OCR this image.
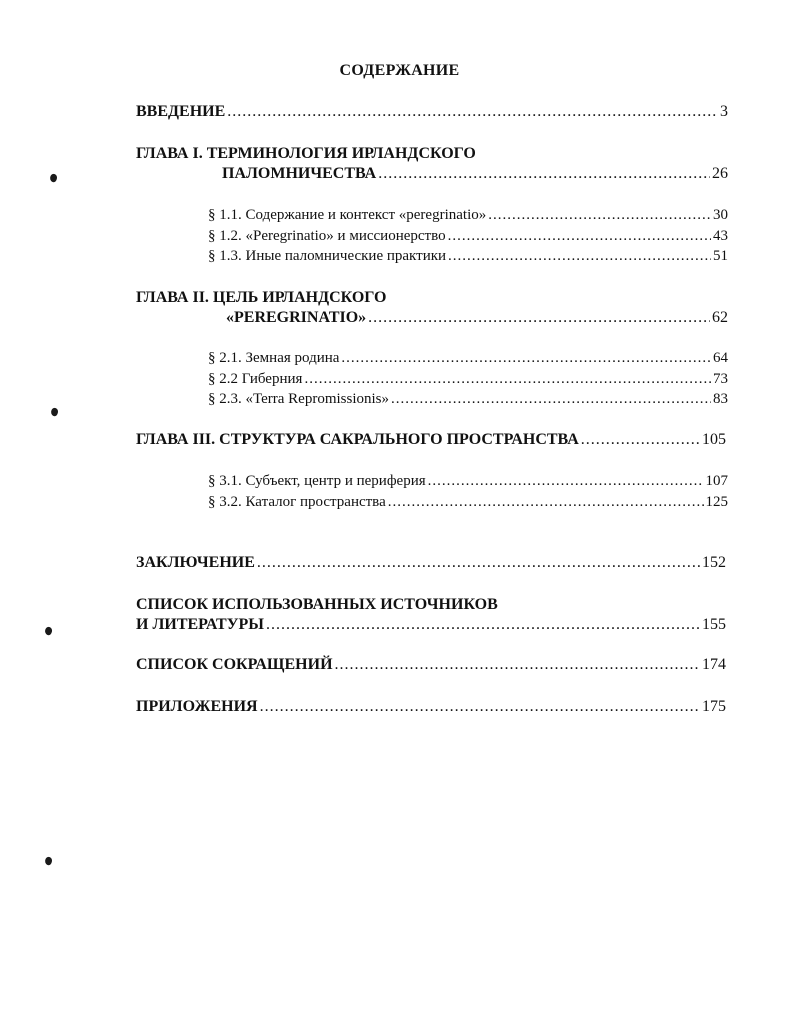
СОДЕРЖАНИЕ
ВВЕДЕНИЕ .....	3
ГЛАВА I. ТЕРМИНОЛОГИЯ ИРЛАНДСКОГО
ПАЛОМНИЧЕСТВА .....	26
§ 1.1. Содержание и контекст «peregrinatio» .....	30
§ 1.2. «Peregrinatio» и миссионерство .....	43
§ 1.3. Иные паломнические практики .....	51
ГЛАВА II. ЦЕЛЬ ИРЛАНДСКОГО
«PEREGRINATIO» .....	62
§ 2.1. Земная родина .....	64
§ 2.2 Гиберния .....	73
§ 2.3. «Terra Repromissionis» .....	83
ГЛАВА III. СТРУКТУРА САКРАЛЬНОГО ПРОСТРАНСТВА .....	105
§ 3.1. Субъект, центр и периферия .....	107
§ 3.2. Каталог пространства .....	125
ЗАКЛЮЧЕНИЕ .....	152
СПИСОК ИСПОЛЬЗОВАННЫХ ИСТОЧНИКОВ
И ЛИТЕРАТУРЫ .....	155
СПИСОК СОКРАЩЕНИЙ .....	174
ПРИЛОЖЕНИЯ .....	175
